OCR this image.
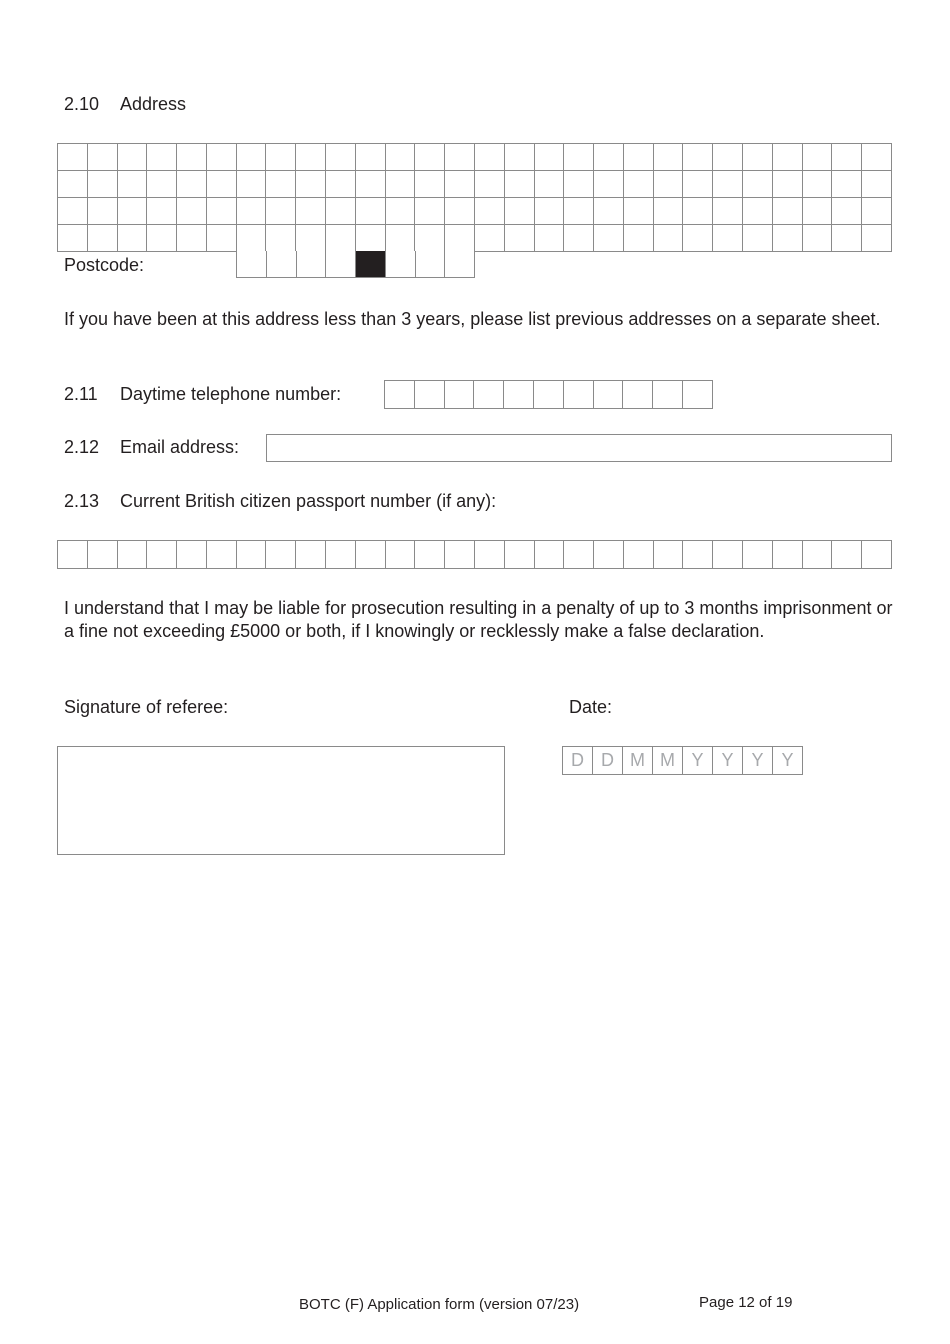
2.10 Address
Postcode:
If you have been at this address less than 3 years, please list previous addresses on a separate sheet.
2.11 Daytime telephone number:
2.12 Email address:
2.13 Current British citizen passport number (if any):
I understand that I may be liable for prosecution resulting in a penalty of up to 3 months imprisonment or a fine not exceeding £5000 or both, if I knowingly or recklessly make a false declaration.
Signature of referee:	Date:
D D M M Y Y Y Y
BOTC (F) Application form (version 07/23)	Page 12 of 19
